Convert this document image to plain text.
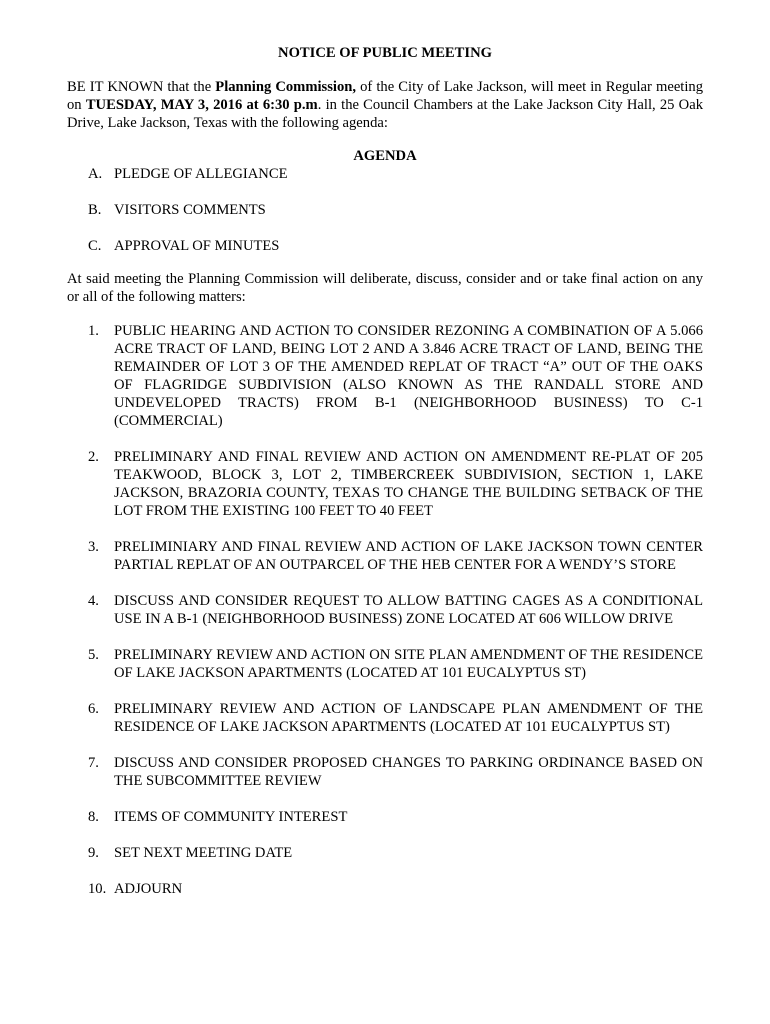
NOTICE OF PUBLIC MEETING

BE IT KNOWN that the Planning Commission, of the City of Lake Jackson, will meet in Regular meeting on TUESDAY, MAY 3, 2016 at 6:30 p.m. in the Council Chambers at the Lake Jackson City Hall, 25 Oak Drive, Lake Jackson, Texas with the following agenda:

AGENDA
A. PLEDGE OF ALLEGIANCE
B. VISITORS COMMENTS
C. APPROVAL OF MINUTES

At said meeting the Planning Commission will deliberate, discuss, consider and or take final action on any or all of the following matters:

1.	PUBLIC HEARING AND ACTION TO CONSIDER REZONING A COMBINATION OF A 5.066 ACRE TRACT OF LAND, BEING LOT 2 AND A 3.846 ACRE TRACT OF LAND, BEING THE REMAINDER OF LOT 3 OF THE AMENDED REPLAT OF TRACT “A” OUT OF THE OAKS OF FLAGRIDGE SUBDIVISION (ALSO KNOWN AS THE RANDALL STORE AND UNDEVELOPED TRACTS) FROM B-1 (NEIGHBORHOOD BUSINESS) TO C-1 (COMMERCIAL)
2.	PRELIMINARY AND FINAL REVIEW AND ACTION ON AMENDMENT RE-PLAT OF 205 TEAKWOOD, BLOCK 3, LOT 2, TIMBERCREEK SUBDIVISION, SECTION 1, LAKE JACKSON, BRAZORIA COUNTY, TEXAS TO CHANGE THE BUILDING SETBACK OF THE LOT FROM THE EXISTING 100 FEET TO 40 FEET
3.	PRELIMINIARY AND FINAL REVIEW AND ACTION OF LAKE JACKSON TOWN CENTER PARTIAL REPLAT OF AN OUTPARCEL OF THE HEB CENTER FOR A WENDY’S STORE
4.	DISCUSS AND CONSIDER REQUEST TO ALLOW BATTING CAGES AS A CONDITIONAL USE IN A B-1 (NEIGHBORHOOD BUSINESS) ZONE LOCATED AT 606 WILLOW DRIVE
5.	PRELIMINARY REVIEW AND ACTION ON SITE PLAN AMENDMENT OF THE RESIDENCE OF LAKE JACKSON APARTMENTS (LOCATED AT 101 EUCALYPTUS ST)
6.	PRELIMINARY REVIEW AND ACTION OF LANDSCAPE PLAN AMENDMENT OF THE RESIDENCE OF LAKE JACKSON APARTMENTS (LOCATED AT 101 EUCALYPTUS ST)
7.	DISCUSS AND CONSIDER PROPOSED CHANGES TO PARKING ORDINANCE BASED ON THE SUBCOMMITTEE REVIEW
8.	ITEMS OF COMMUNITY INTEREST
9.	SET NEXT MEETING DATE
10. ADJOURN
